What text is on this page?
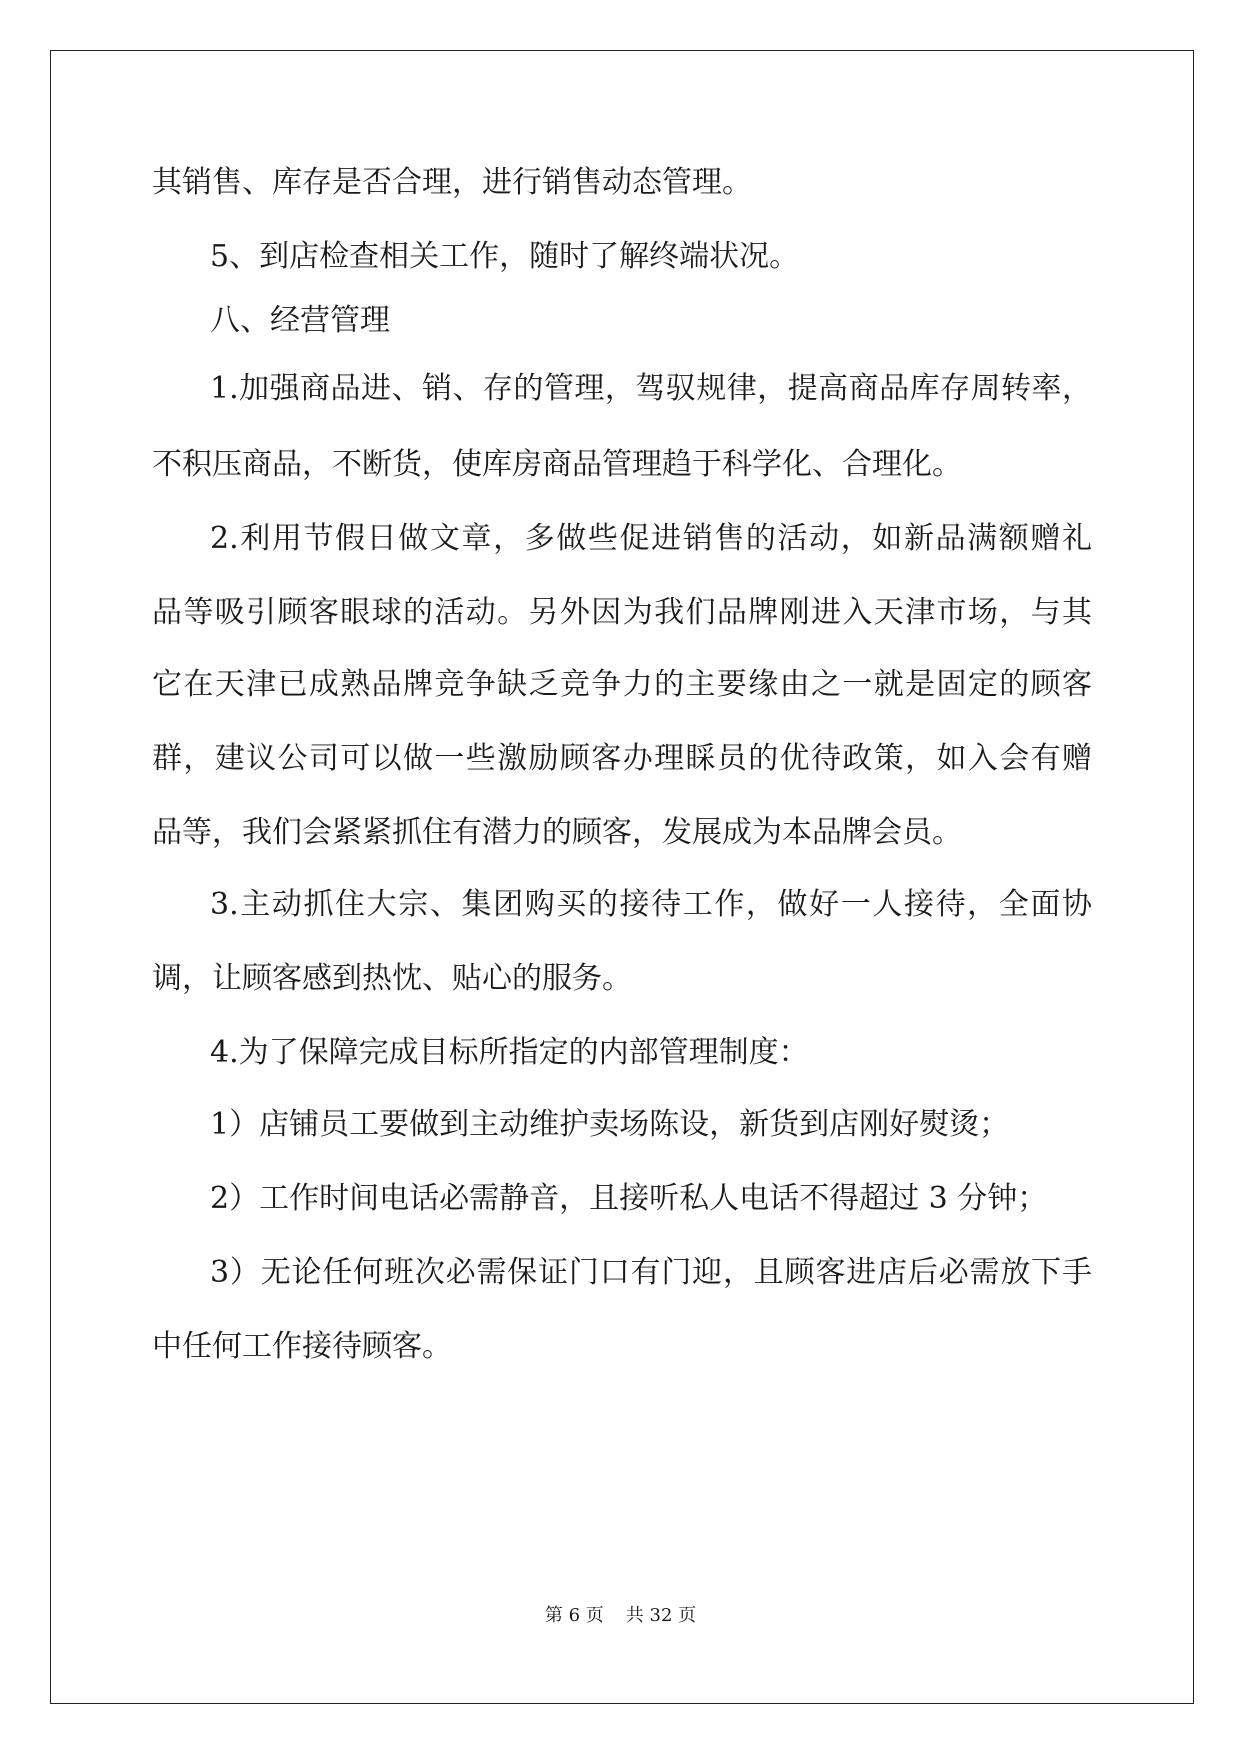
其销售、库存是否合理，进行销售动态管理。
5、到店检查相关工作，随时了解终端状况。
八、经营管理
1.加强商品进、销、存的管理，驾驭规律，提高商品库存周转率，
不积压商品，不断货，使库房商品管理趋于科学化、合理化。
2.利用节假日做文章，多做些促进销售的活动，如新品满额赠礼
品等吸引顾客眼球的活动。另外因为我们品牌刚进入天津市场，与其
它在天津已成熟品牌竞争缺乏竞争力的主要缘由之一就是固定的顾客
群，建议公司可以做一些激励顾客办理睬员的优待政策，如入会有赠
品等，我们会紧紧抓住有潜力的顾客，发展成为本品牌会员。
3.主动抓住大宗、集团购买的接待工作，做好一人接待，全面协
调，让顾客感到热忱、贴心的服务。
4.为了保障完成目标所指定的内部管理制度：
1）店铺员工要做到主动维护卖场陈设，新货到店刚好熨烫；
2）工作时间电话必需静音，且接听私人电话不得超过 3 分钟；
3）无论任何班次必需保证门口有门迎，且顾客进店后必需放下手
中任何工作接待顾客。
第 6 页 共 32 页
